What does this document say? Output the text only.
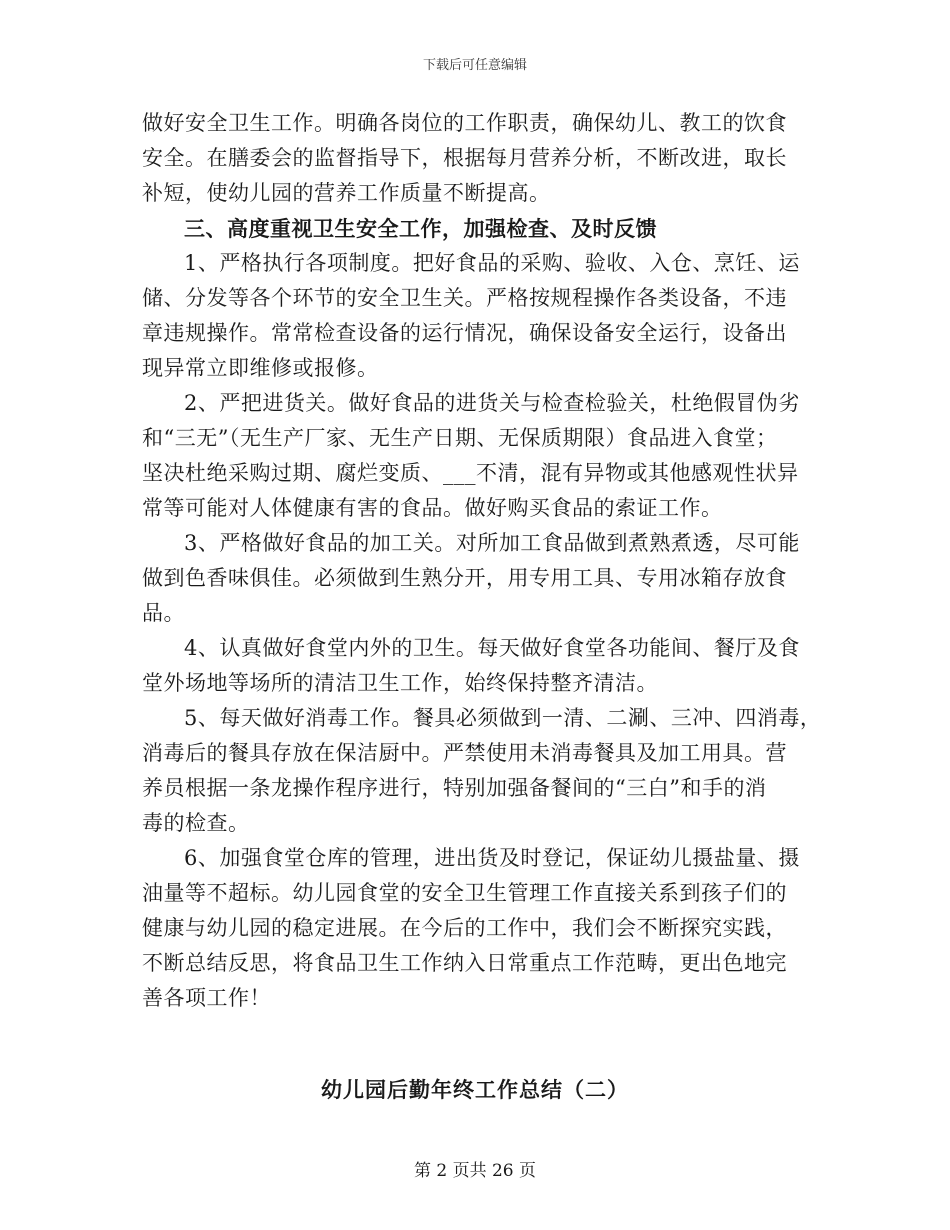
下载后可任意编辑
做好安全卫生工作。明确各岗位的工作职责，确保幼儿、教工的饮食
安全。在膳委会的监督指导下，根据每月营养分析，不断改进，取长
补短，使幼儿园的营养工作质量不断提高。
三、高度重视卫生安全工作，加强检查、及时反馈
1、严格执行各项制度。把好食品的采购、验收、入仓、烹饪、运
储、分发等各个环节的安全卫生关。严格按规程操作各类设备，不违
章违规操作。常常检查设备的运行情况，确保设备安全运行，设备出
现异常立即维修或报修。
2、严把进货关。做好食品的进货关与检查检验关，杜绝假冒伪劣
和“三无”（无生产厂家、无生产日期、无保质期限）食品进入食堂；
坚决杜绝采购过期、腐烂变质、___不清，混有异物或其他感观性状异
常等可能对人体健康有害的食品。做好购买食品的索证工作。
3、严格做好食品的加工关。对所加工食品做到煮熟煮透，尽可能
做到色香味俱佳。必须做到生熟分开，用专用工具、专用冰箱存放食
品。
4、认真做好食堂内外的卫生。每天做好食堂各功能间、餐厅及食
堂外场地等场所的清洁卫生工作，始终保持整齐清洁。
5、每天做好消毒工作。餐具必须做到一清、二涮、三冲、四消毒，
消毒后的餐具存放在保洁厨中。严禁使用未消毒餐具及加工用具。营
养员根据一条龙操作程序进行，特别加强备餐间的“三白”和手的消
毒的检查。
6、加强食堂仓库的管理，进出货及时登记，保证幼儿摄盐量、摄
油量等不超标。幼儿园食堂的安全卫生管理工作直接关系到孩子们的
健康与幼儿园的稳定进展。在今后的工作中，我们会不断探究实践，
不断总结反思，将食品卫生工作纳入日常重点工作范畴，更出色地完
善各项工作！
幼儿园后勤年终工作总结（二）
第 2 页共 26 页
